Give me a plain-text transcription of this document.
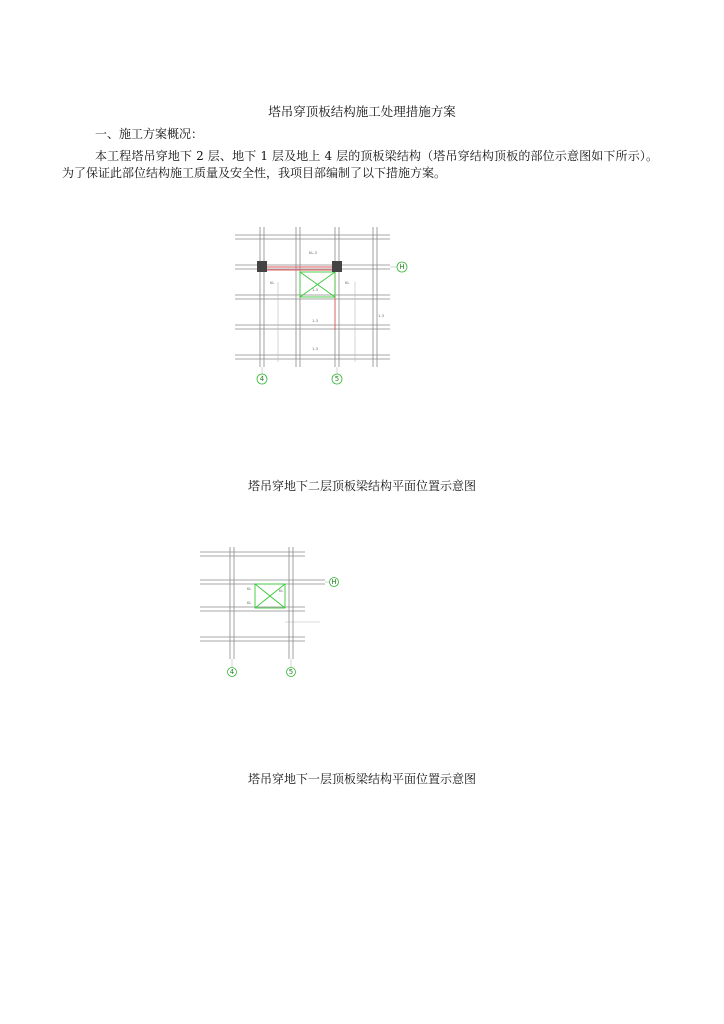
塔吊穿顶板结构施工处理措施方案
一、施工方案概况：
本工程塔吊穿地下 2 层、地下 1 层及地上 4 层的顶板梁结构（塔吊穿结构顶板的部位示意图如下所示）。为了保证此部位结构施工质量及安全性，我项目部编制了以下措施方案。
KL-3
1-3
1-3
KL	KL
1-3
1-3
4	5
H
塔吊穿地下二层顶板梁结构平面位置示意图
KL	KL
KL
4	5
H
塔吊穿地下一层顶板梁结构平面位置示意图
